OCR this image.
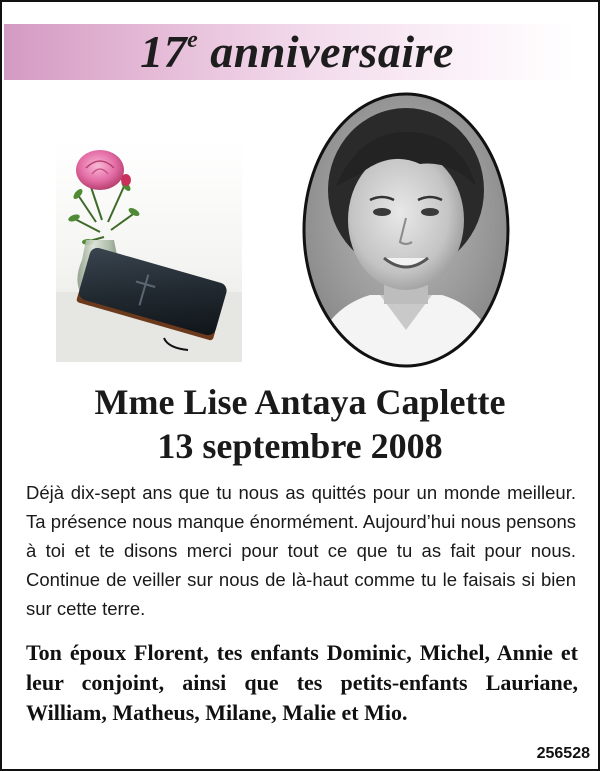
17e anniversaire
Mme Lise Antaya Caplette
13 septembre 2008
Déjà dix-sept ans que tu nous as quittés pour un monde meilleur. Ta présence nous manque énormément. Aujourd’hui nous pensons à toi et te disons merci pour tout ce que tu as fait pour nous. Continue de veiller sur nous de là-haut comme tu le faisais si bien sur cette terre.
Ton époux Florent, tes enfants Dominic, Michel, Annie et leur conjoint, ainsi que tes petits-enfants Lauriane, William, Matheus, Milane, Malie et Mio.
256528
